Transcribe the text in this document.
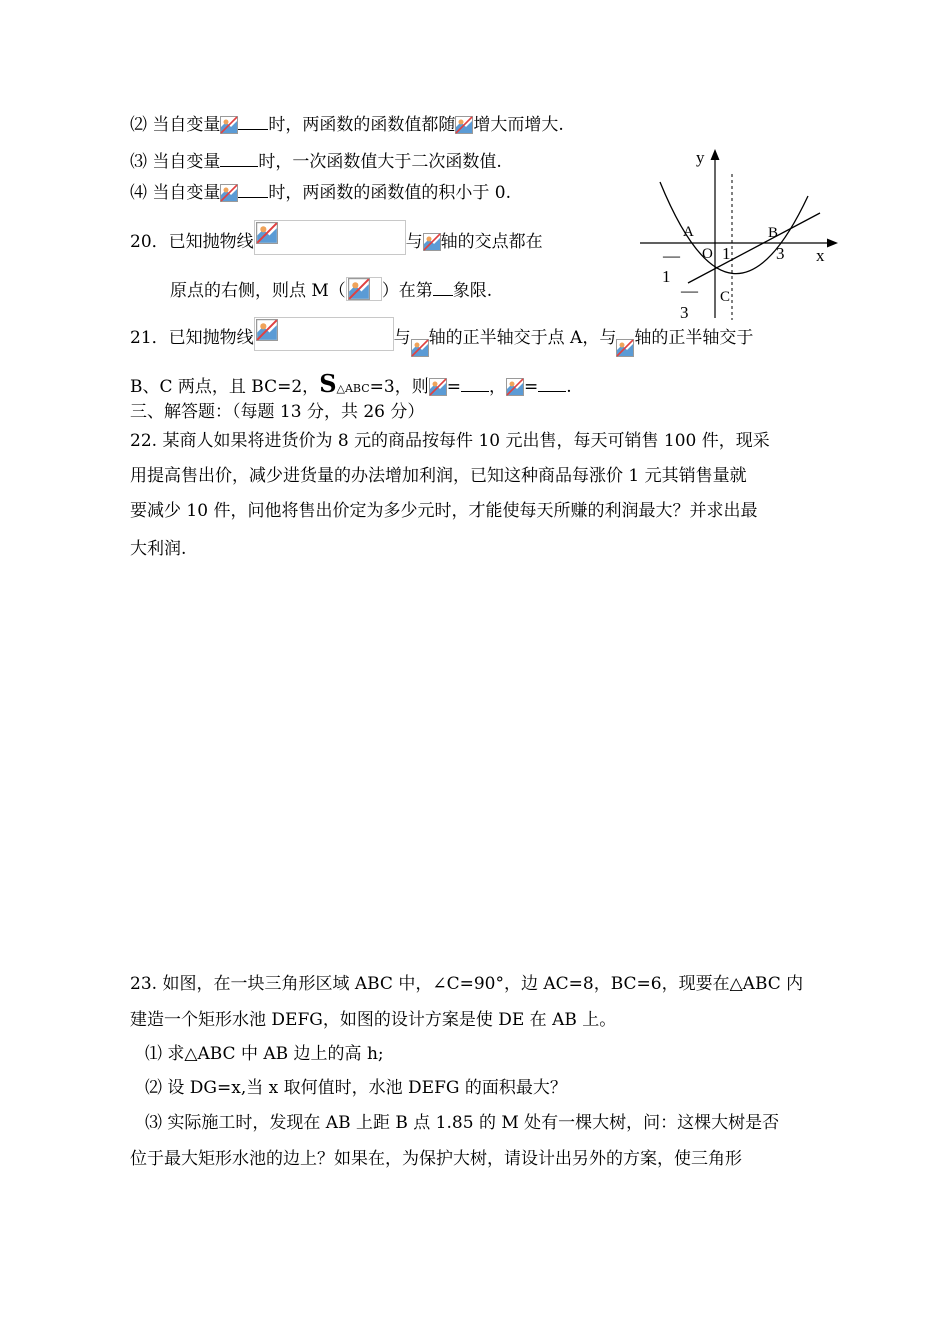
⑵ 当自变量	时，两函数的函数值都随 增大而增大.
⑶ 当自变量 时，一次函数值大于二次函数值.
⑷ 当自变量	时，两函数的函数值的积小于 0.
20．已知抛物线	与 轴的交点都在
原点的右侧，则点 M（ ）在第 象限.
21．已知抛物线	与 轴的正半轴交于点 A，与 轴的正半轴交于
B、C 两点，且 BC=2，S△ABC=3，则 = ， = .
三、解答题：（每题 13 分，共 26 分）
22. 某商人如果将进货价为 8 元的商品按每件 10 元出售，每天可销售 100 件，现采
用提高售出价，减少进货量的办法增加利润，已知这种商品每涨价 1 元其销售量就
要减少 10 件，问他将售出价定为多少元时，才能使每天所赚的利润最大？并求出最
大利润.
23. 如图，在一块三角形区域 ABC 中，∠C=90°，边 AC=8，BC=6，现要在△ABC 内
建造一个矩形水池 DEFG，如图的设计方案是使 DE 在 AB 上。
⑴ 求△ABC 中 AB 边上的高 h;
⑵ 设 DG=x,当 x 取何值时，水池 DEFG 的面积最大？
⑶ 实际施工时，发现在 AB 上距 B 点 1.85 的 M 处有一棵大树，问：这棵大树是否
位于最大矩形水池的边上？如果在，为保护大树，请设计出另外的方案，使三角形
y
x
A	B
C
O 1	3
—
1
—
3
